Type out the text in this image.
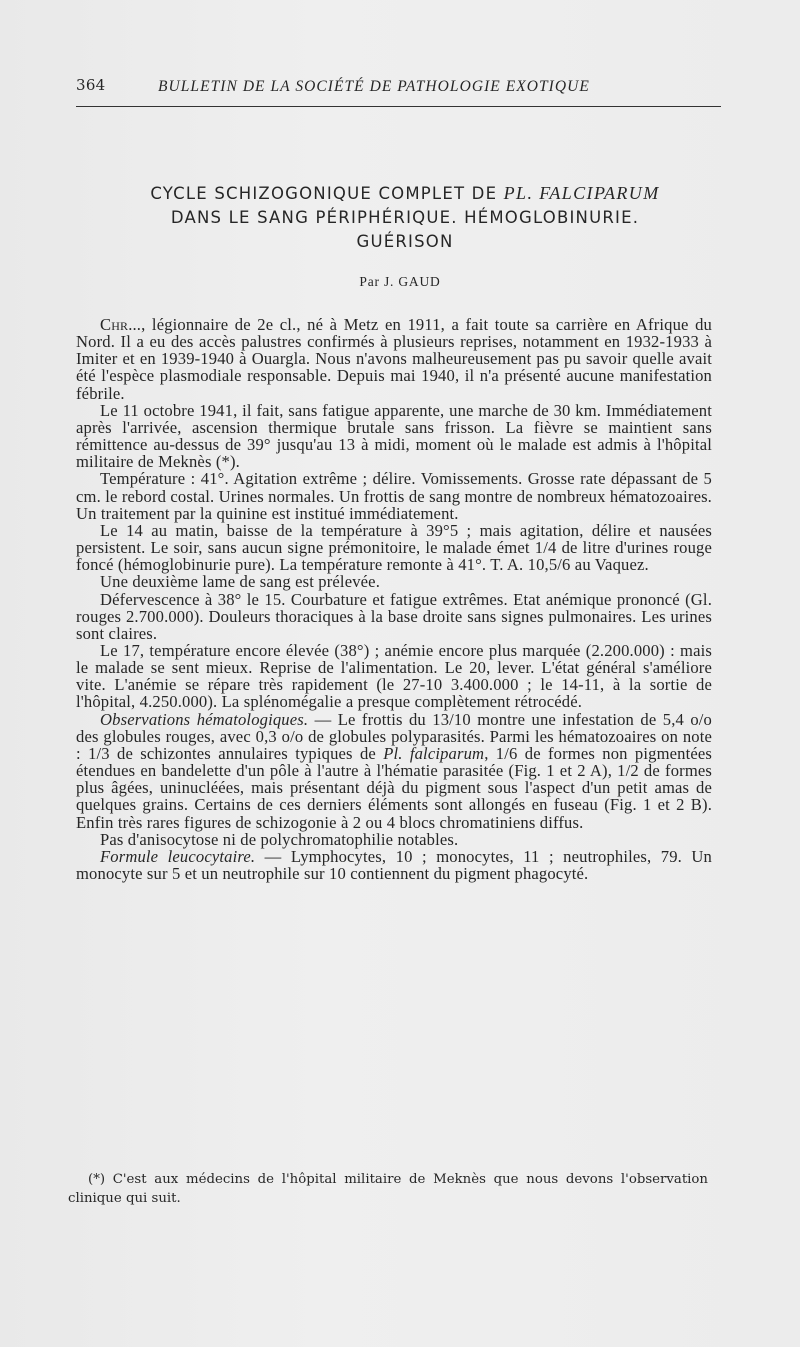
364	BULLETIN DE LA SOCIÉTÉ DE PATHOLOGIE EXOTIQUE
CYCLE SCHIZOGONIQUE COMPLET DE PL. FALCIPARUM
DANS LE SANG PÉRIPHÉRIQUE. HÉMOGLOBINURIE.
GUÉRISON
Par J. GAUD

Chr..., légionnaire de 2e cl., né à Metz en 1911, a fait toute sa carrière en Afrique du Nord. Il a eu des accès palustres confirmés à plusieurs reprises, notamment en 1932-1933 à Imiter et en 1939-1940 à Ouargla. Nous n'avons malheureusement pas pu savoir quelle avait été l'espèce plasmodiale responsable. Depuis mai 1940, il n'a présenté aucune manifestation fébrile.

Le 11 octobre 1941, il fait, sans fatigue apparente, une marche de 30 km. Immédiatement après l'arrivée, ascension thermique brutale sans frisson. La fièvre se maintient sans rémittence au-dessus de 39° jusqu'au 13 à midi, moment où le malade est admis à l'hôpital militaire de Meknès (*).

Température : 41°. Agitation extrême ; délire. Vomissements. Grosse rate dépassant de 5 cm. le rebord costal. Urines normales. Un frottis de sang montre de nombreux hématozoaires. Un traitement par la quinine est institué immédiatement.

Le 14 au matin, baisse de la température à 39°5 ; mais agitation, délire et nausées persistent. Le soir, sans aucun signe prémonitoire, le malade émet 1/4 de litre d'urines rouge foncé (hémoglobinurie pure). La température remonte à 41°. T. A. 10,5/6 au Vaquez.

Une deuxième lame de sang est prélevée.

Défervescence à 38° le 15. Courbature et fatigue extrêmes. Etat anémique prononcé (Gl. rouges 2.700.000). Douleurs thoraciques à la base droite sans signes pulmonaires. Les urines sont claires.

Le 17, température encore élevée (38°) ; anémie encore plus marquée (2.200.000) : mais le malade se sent mieux. Reprise de l'alimentation. Le 20, lever. L'état général s'améliore vite. L'anémie se répare très rapidement (le 27-10 3.400.000 ; le 14-11, à la sortie de l'hôpital, 4.250.000). La splénomégalie a presque complètement rétrocédé.

Observations hématologiques. — Le frottis du 13/10 montre une infestation de 5,4 o/o des globules rouges, avec 0,3 o/o de globules polyparasités. Parmi les hématozoaires on note : 1/3 de schizontes annulaires typiques de Pl. falciparum, 1/6 de formes non pigmentées étendues en bandelette d'un pôle à l'autre à l'hématie parasitée (Fig. 1 et 2 A), 1/2 de formes plus âgées, uninucléées, mais présentant déjà du pigment sous l'aspect d'un petit amas de quelques grains. Certains de ces derniers éléments sont allongés en fuseau (Fig. 1 et 2 B). Enfin très rares figures de schizogonie à 2 ou 4 blocs chromatiniens diffus.

Pas d'anisocytose ni de polychromatophilie notables.

Formule leucocytaire. — Lymphocytes, 10 ; monocytes, 11 ; neutrophiles, 79. Un monocyte sur 5 et un neutrophile sur 10 contiennent du pigment phagocyté.

(*) C'est aux médecins de l'hôpital militaire de Meknès que nous devons l'observation clinique qui suit.
